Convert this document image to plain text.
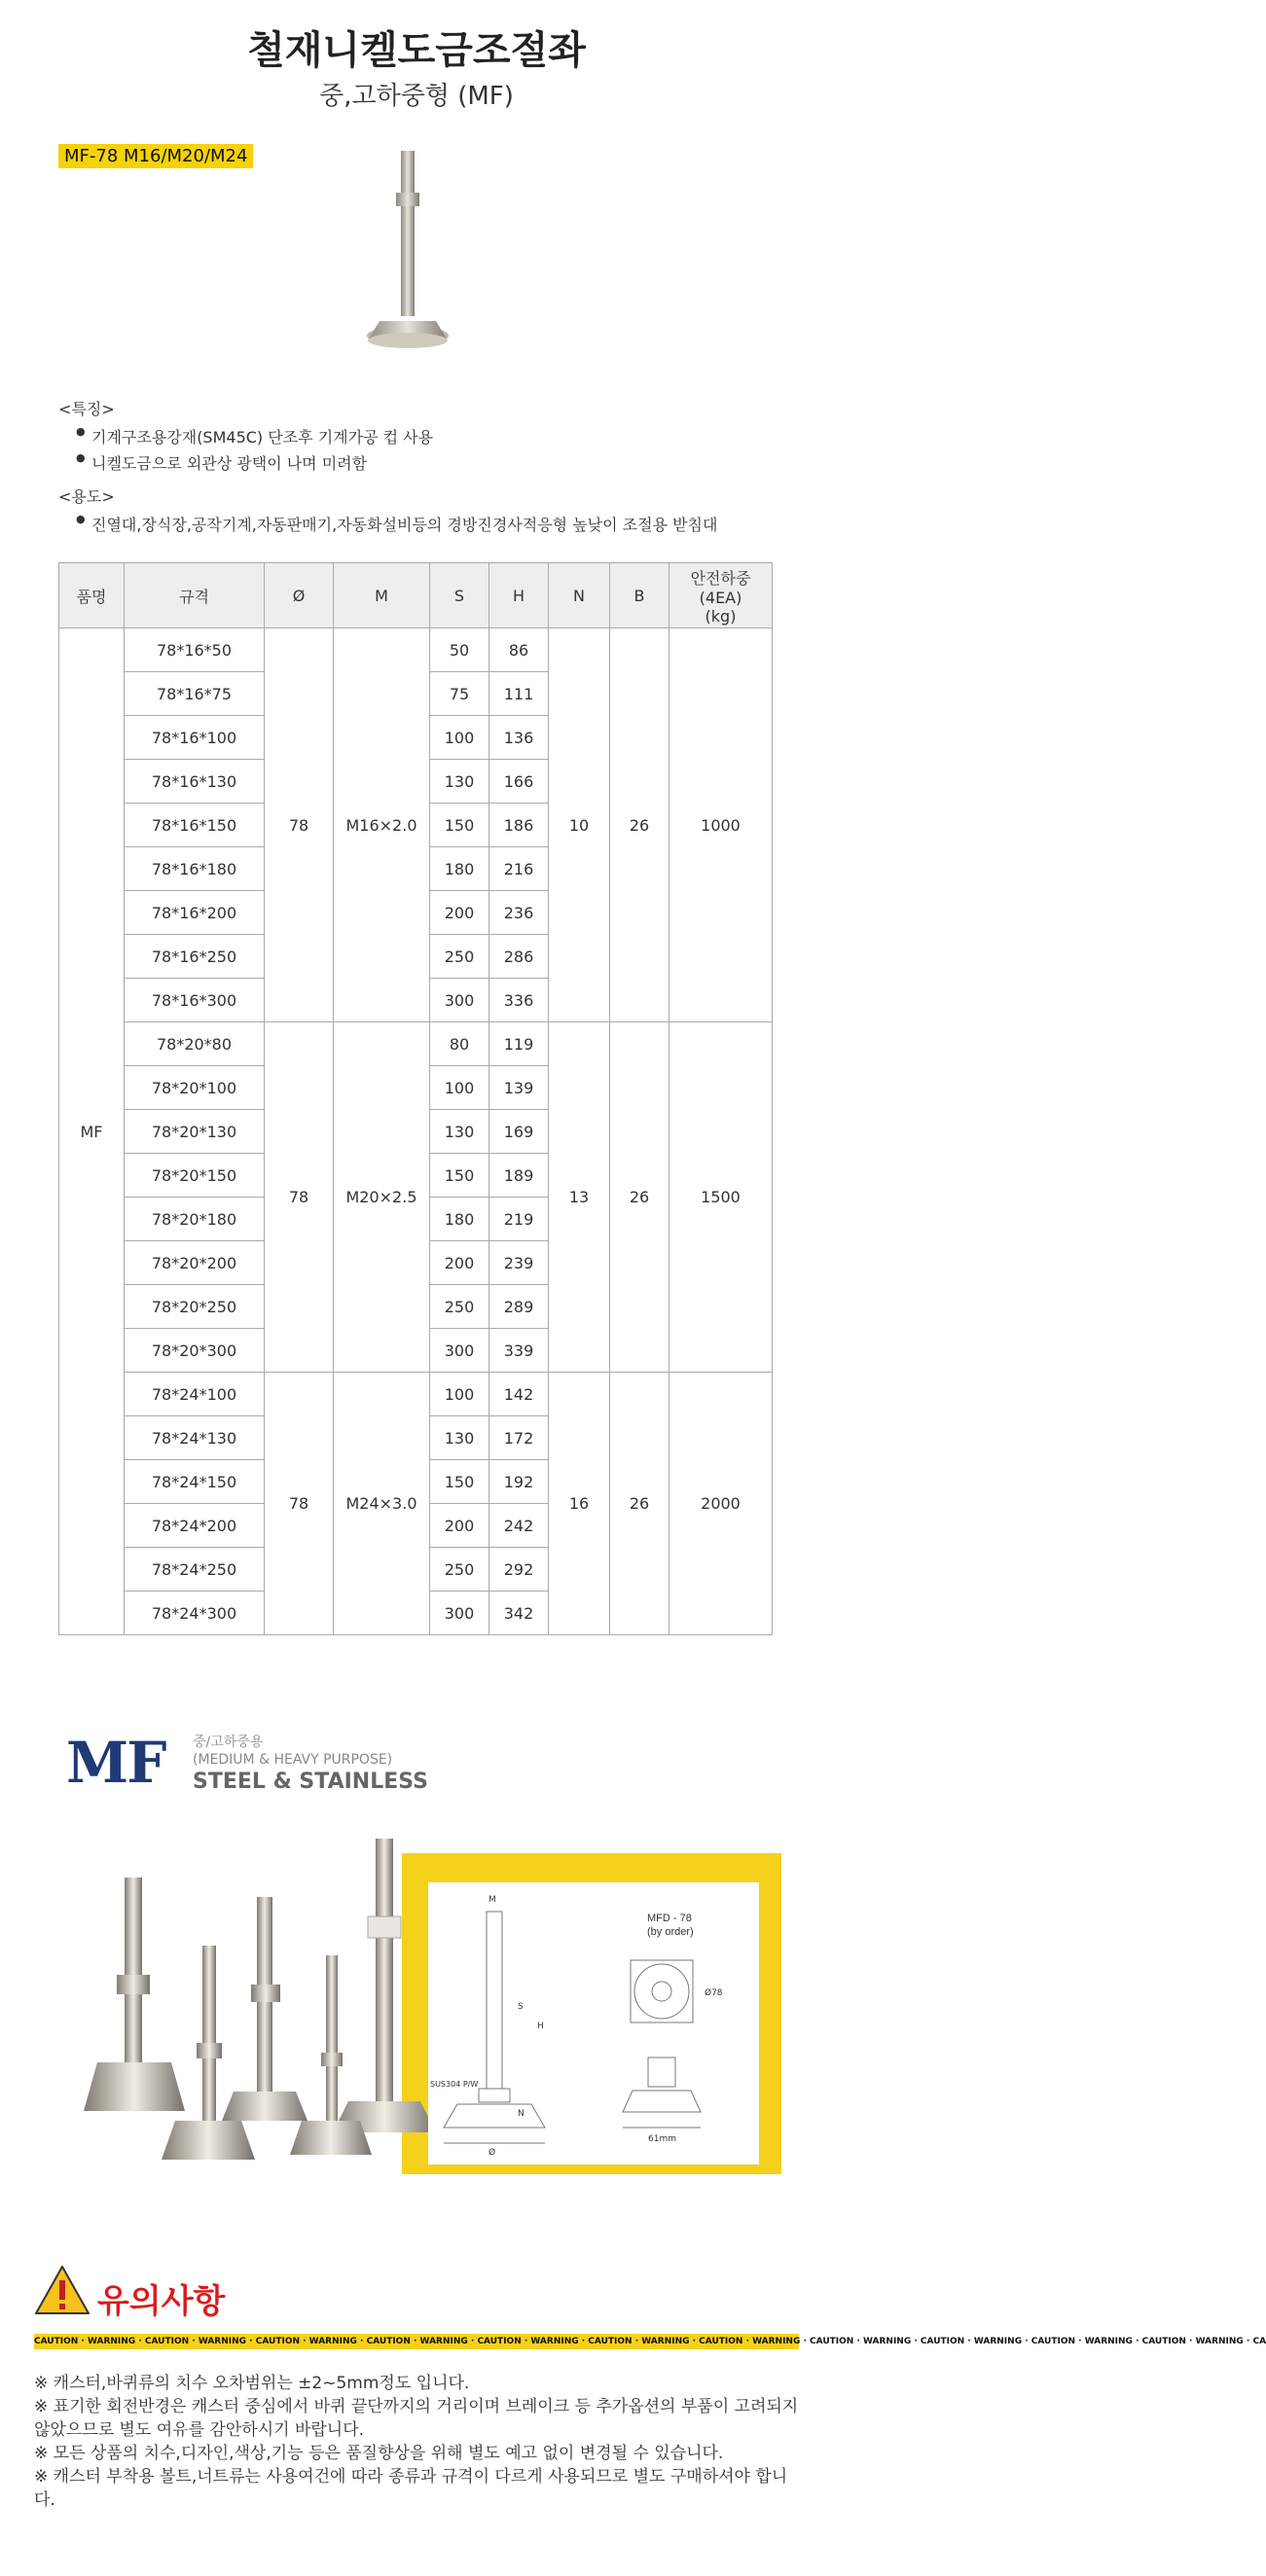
철재니켈도금조절좌
중,고하중형 (MF)
MF-78 M16/M20/M24
<특징>
● 기계구조용강재(SM45C) 단조후 기계가공 컵 사용
● 니켈도금으로 외관상 광택이 나며 미려함
<용도>
● 진열대,장식장,공작기계,자동판매기,자동화설비등의 경방진경사적응형 높낮이 조절용 받침대
품명	규격	Ø	M	S	H	N	B	안전하중
(4EA)
(kg)
MF	78*16*50	78	M16×2.0	50	86	10	26	1000
	78*16*75			75	111			
	78*16*100			100	136			
	78*16*130			130	166			
	78*16*150			150	186			
	78*16*180			180	216			
	78*16*200			200	236			
	78*16*250			250	286			
	78*16*300			300	336			
	78*20*80	78	M20×2.5	80	119	13	26	1500
	78*20*100			100	139			
	78*20*130			130	169			
	78*20*150			150	189			
	78*20*180			180	219			
	78*20*200			200	239			
	78*20*250			250	289			
	78*20*300			300	339			
	78*24*100	78	M24×3.0	100	142	16	26	2000
	78*24*130			130	172			
	78*24*150			150	192			
	78*24*200			200	242			
	78*24*250			250	292			
	78*24*300			300	342			
MF 중/고하중용
(MEDIUM & HEAVY PURPOSE)
STEEL & STAINLESS
MFD - 78
(by order)
M
S
H
N
Ø
SUS304 P/W
Ø78
61mm
유의사항
CAUTION · WARNING · CAUTION · WARNING · CAUTION · WARNING · CAUTION · WARNING · CAUTION · WARNING · CAUTION · WARNING · CAUTION · WARNING · CAUTION · WARNING · CAUTION · WARNING · CAUTION · WARNING · CAUTION · WARNING · CA

※ 캐스터,바퀴류의 치수 오차범위는 ±2~5mm정도 입니다.

※ 표기한 회전반경은 캐스터 중심에서 바퀴 끝단까지의 거리이며 브레이크 등 추가옵션의 부품이 고려되지 않았으므로 별도 여유를 감안하시기 바랍니다.

※ 모든 상품의 치수,디자인,색상,기능 등은 품질향상을 위해 별도 예고 없이 변경될 수 있습니다.

※ 캐스터 부착용 볼트,너트류는 사용여건에 따라 종류과 규격이 다르게 사용되므로 별도 구매하셔야 합니다.
